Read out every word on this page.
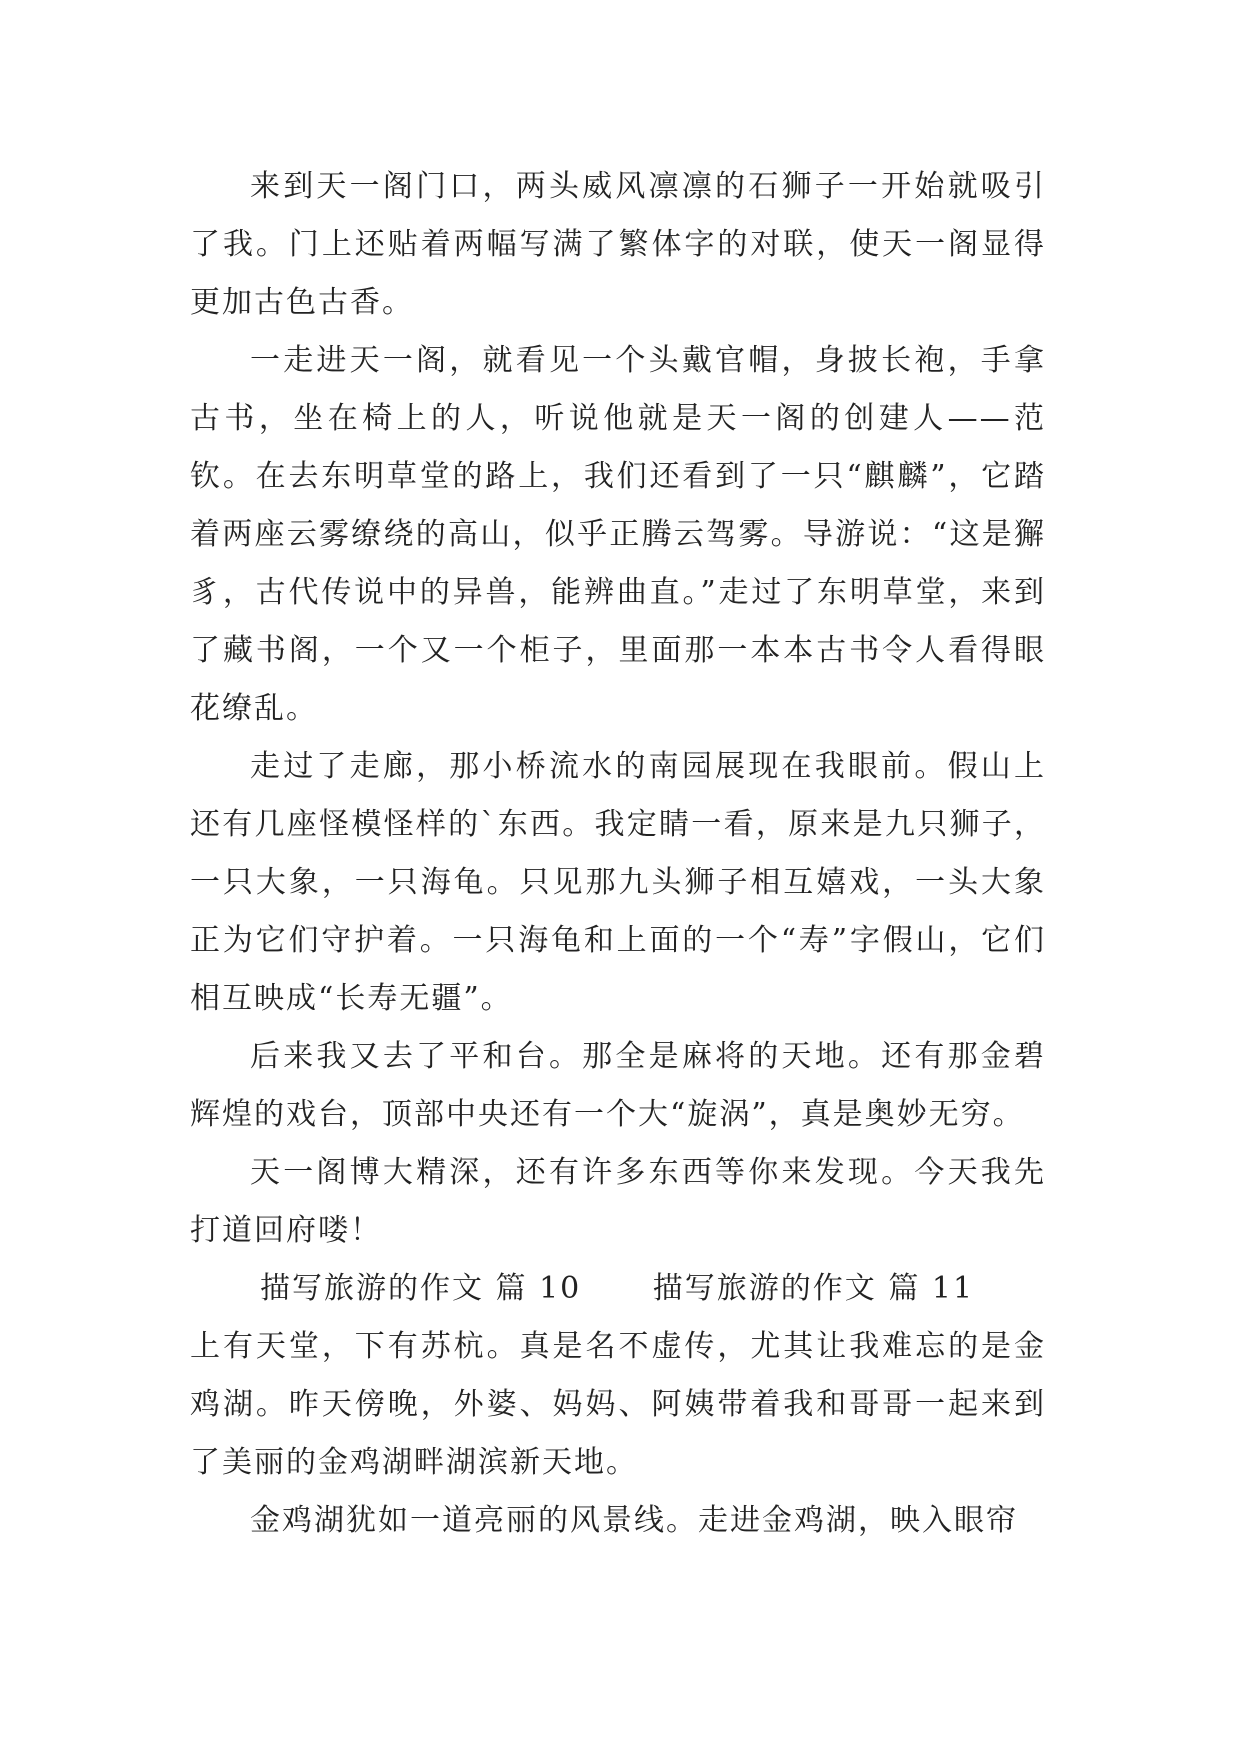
来到天一阁门口，两头威风凛凛的石狮子一开始就吸引了我。门上还贴着两幅写满了繁体字的对联，使天一阁显得更加古色古香。

一走进天一阁，就看见一个头戴官帽，身披长袍，手拿古书，坐在椅上的人，听说他就是天一阁的创建人——范钦。在去东明草堂的路上，我们还看到了一只“麒麟”，它踏着两座云雾缭绕的高山，似乎正腾云驾雾。导游说：“这是獬豸，古代传说中的异兽，能辨曲直。”走过了东明草堂，来到了藏书阁，一个又一个柜子，里面那一本本古书令人看得眼花缭乱。

走过了走廊，那小桥流水的南园展现在我眼前。假山上还有几座怪模怪样的`东西。我定睛一看，原来是九只狮子，一只大象，一只海龟。只见那九头狮子相互嬉戏，一头大象正为它们守护着。一只海龟和上面的一个“寿”字假山，它们相互映成“长寿无疆”。

后来我又去了平和台。那全是麻将的天地。还有那金碧辉煌的戏台，顶部中央还有一个大“旋涡”，真是奥妙无穷。

天一阁博大精深，还有许多东西等你来发现。今天我先打道回府喽！

描写旅游的作文 篇 10 描写旅游的作文 篇 11

上有天堂，下有苏杭。真是名不虚传，尤其让我难忘的是金鸡湖。昨天傍晚，外婆、妈妈、阿姨带着我和哥哥一起来到了美丽的金鸡湖畔湖滨新天地。

金鸡湖犹如一道亮丽的风景线。走进金鸡湖，映入眼帘
